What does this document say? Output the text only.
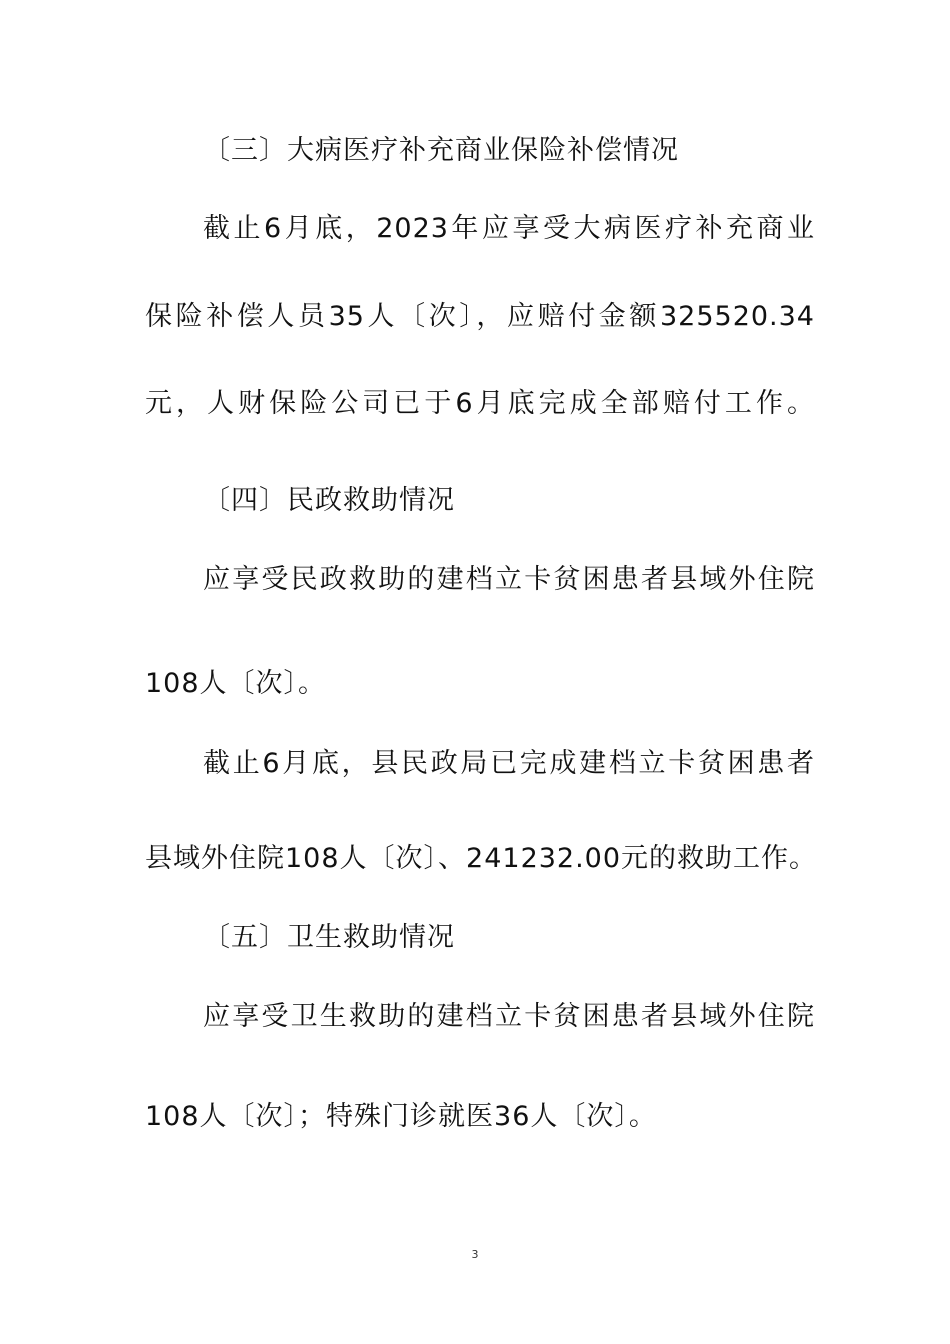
〔三〕大病医疗补充商业保险补偿情况
截止6月底，2023年应享受大病医疗补充商业
保险补偿人员35人〔次〕，应赔付金额325520.34
元，人财保险公司已于6月底完成全部赔付工作。
〔四〕民政救助情况
应享受民政救助的建档立卡贫困患者县域外住院
108人〔次〕。
截止6月底，县民政局已完成建档立卡贫困患者
县域外住院108人〔次〕、241232.00元的救助工作。
〔五〕卫生救助情况
应享受卫生救助的建档立卡贫困患者县域外住院
108人〔次〕；特殊门诊就医36人〔次〕。
3
